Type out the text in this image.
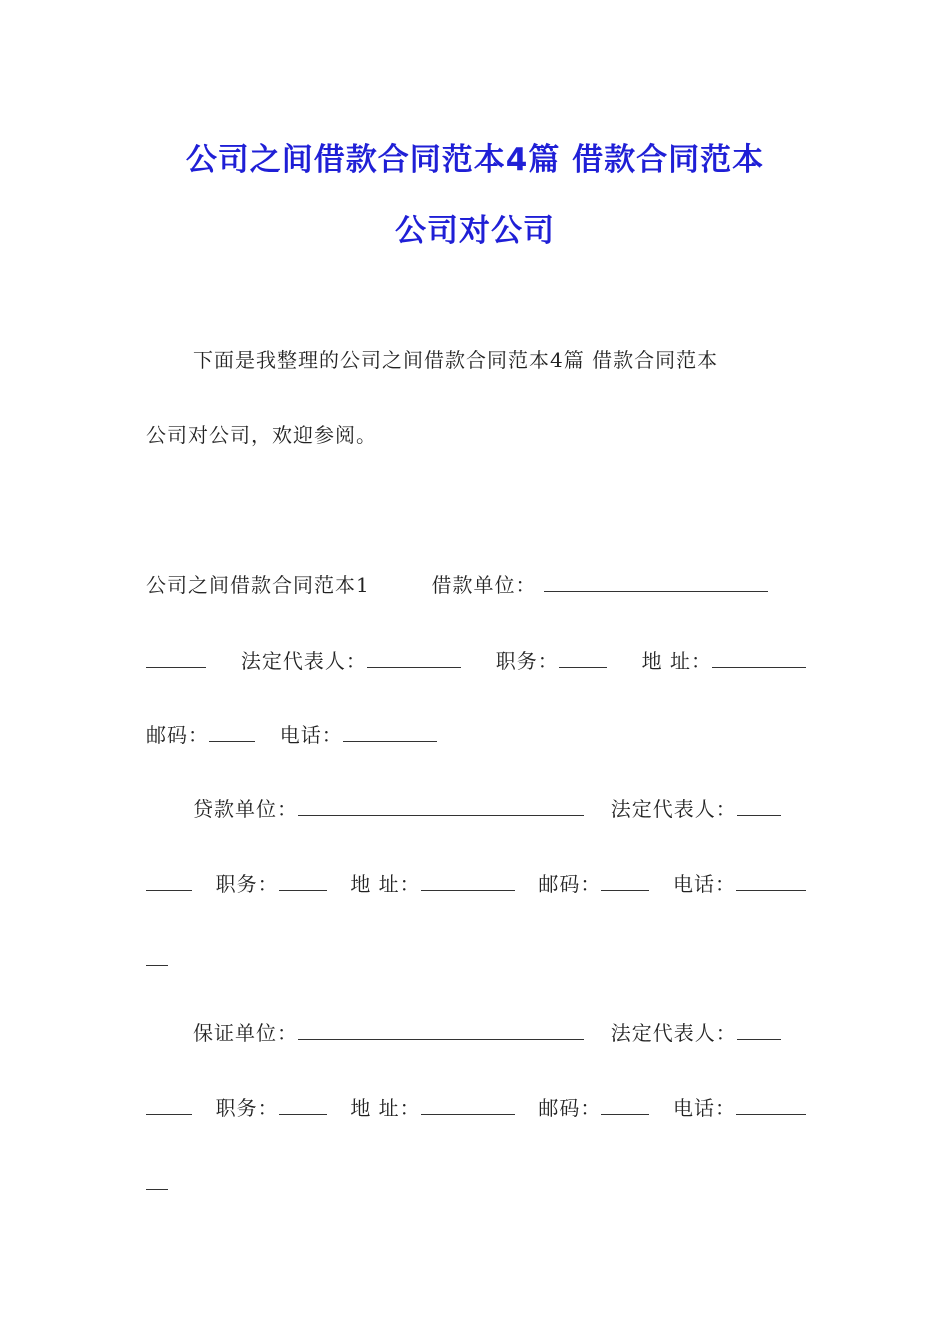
公司之间借款合同范本4篇 借款合同范本
公司对公司
下面是我整理的公司之间借款合同范本4篇 借款合同范本
公司对公司，欢迎参阅。
公司之间借款合同范本1	借款单位：
法定代表人：	职务：	地 址：
邮码：	电话：
贷款单位：	法定代表人：
职务：	地 址：	邮码：	电话：
保证单位：	法定代表人：
职务：	地 址：	邮码：	电话：
